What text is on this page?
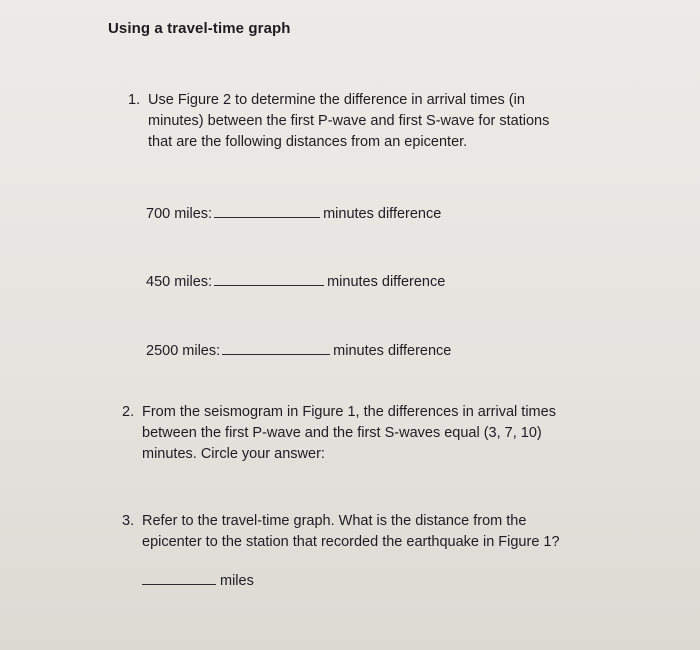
Using a travel-time graph
1. Use Figure 2 to determine the difference in arrival times (in
minutes) between the first P-wave and first S-wave for stations
that are the following distances from an epicenter.
700 miles:	minutes difference
450 miles:	minutes difference
2500 miles:	minutes difference
2. From the seismogram in Figure 1, the differences in arrival times
between the first P-wave and the first S-waves equal (3, 7, 10)
minutes. Circle your answer:
3. Refer to the travel-time graph. What is the distance from the
epicenter to the station that recorded the earthquake in Figure 1?
miles
